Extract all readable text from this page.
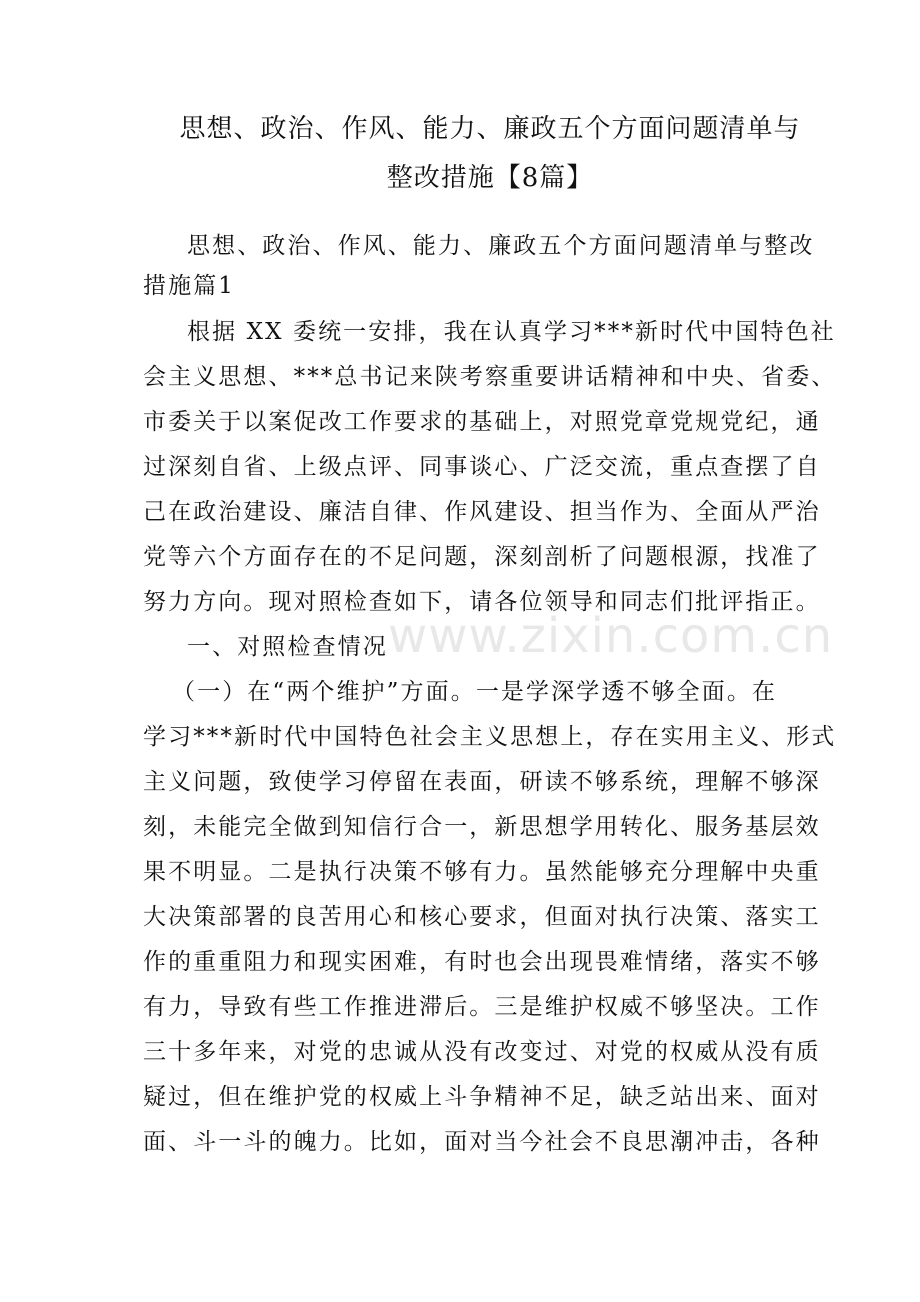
思想、政治、作风、能力、廉政五个方面问题清单与
整改措施【8篇】
思想、政治、作风、能力、廉政五个方面问题清单与整改
措施篇1
根据 XX 委统一安排，我在认真学习***新时代中国特色社
会主义思想、***总书记来陕考察重要讲话精神和中央、省委、
市委关于以案促改工作要求的基础上，对照党章党规党纪，通
过深刻自省、上级点评、同事谈心、广泛交流，重点查摆了自
己在政治建设、廉洁自律、作风建设、担当作为、全面从严治
党等六个方面存在的不足问题，深刻剖析了问题根源，找准了
努力方向。现对照检查如下，请各位领导和同志们批评指正。
一、对照检查情况
（一）在“两个维护”方面。一是学深学透不够全面。在
学习***新时代中国特色社会主义思想上，存在实用主义、形式
主义问题，致使学习停留在表面，研读不够系统，理解不够深
刻，未能完全做到知信行合一，新思想学用转化、服务基层效
果不明显。二是执行决策不够有力。虽然能够充分理解中央重
大决策部署的良苦用心和核心要求，但面对执行决策、落实工
作的重重阻力和现实困难，有时也会出现畏难情绪，落实不够
有力，导致有些工作推进滞后。三是维护权威不够坚决。工作
三十多年来，对党的忠诚从没有改变过、对党的权威从没有质
疑过，但在维护党的权威上斗争精神不足，缺乏站出来、面对
面、斗一斗的魄力。比如，面对当今社会不良思潮冲击，各种
www.zixin.com.cn
